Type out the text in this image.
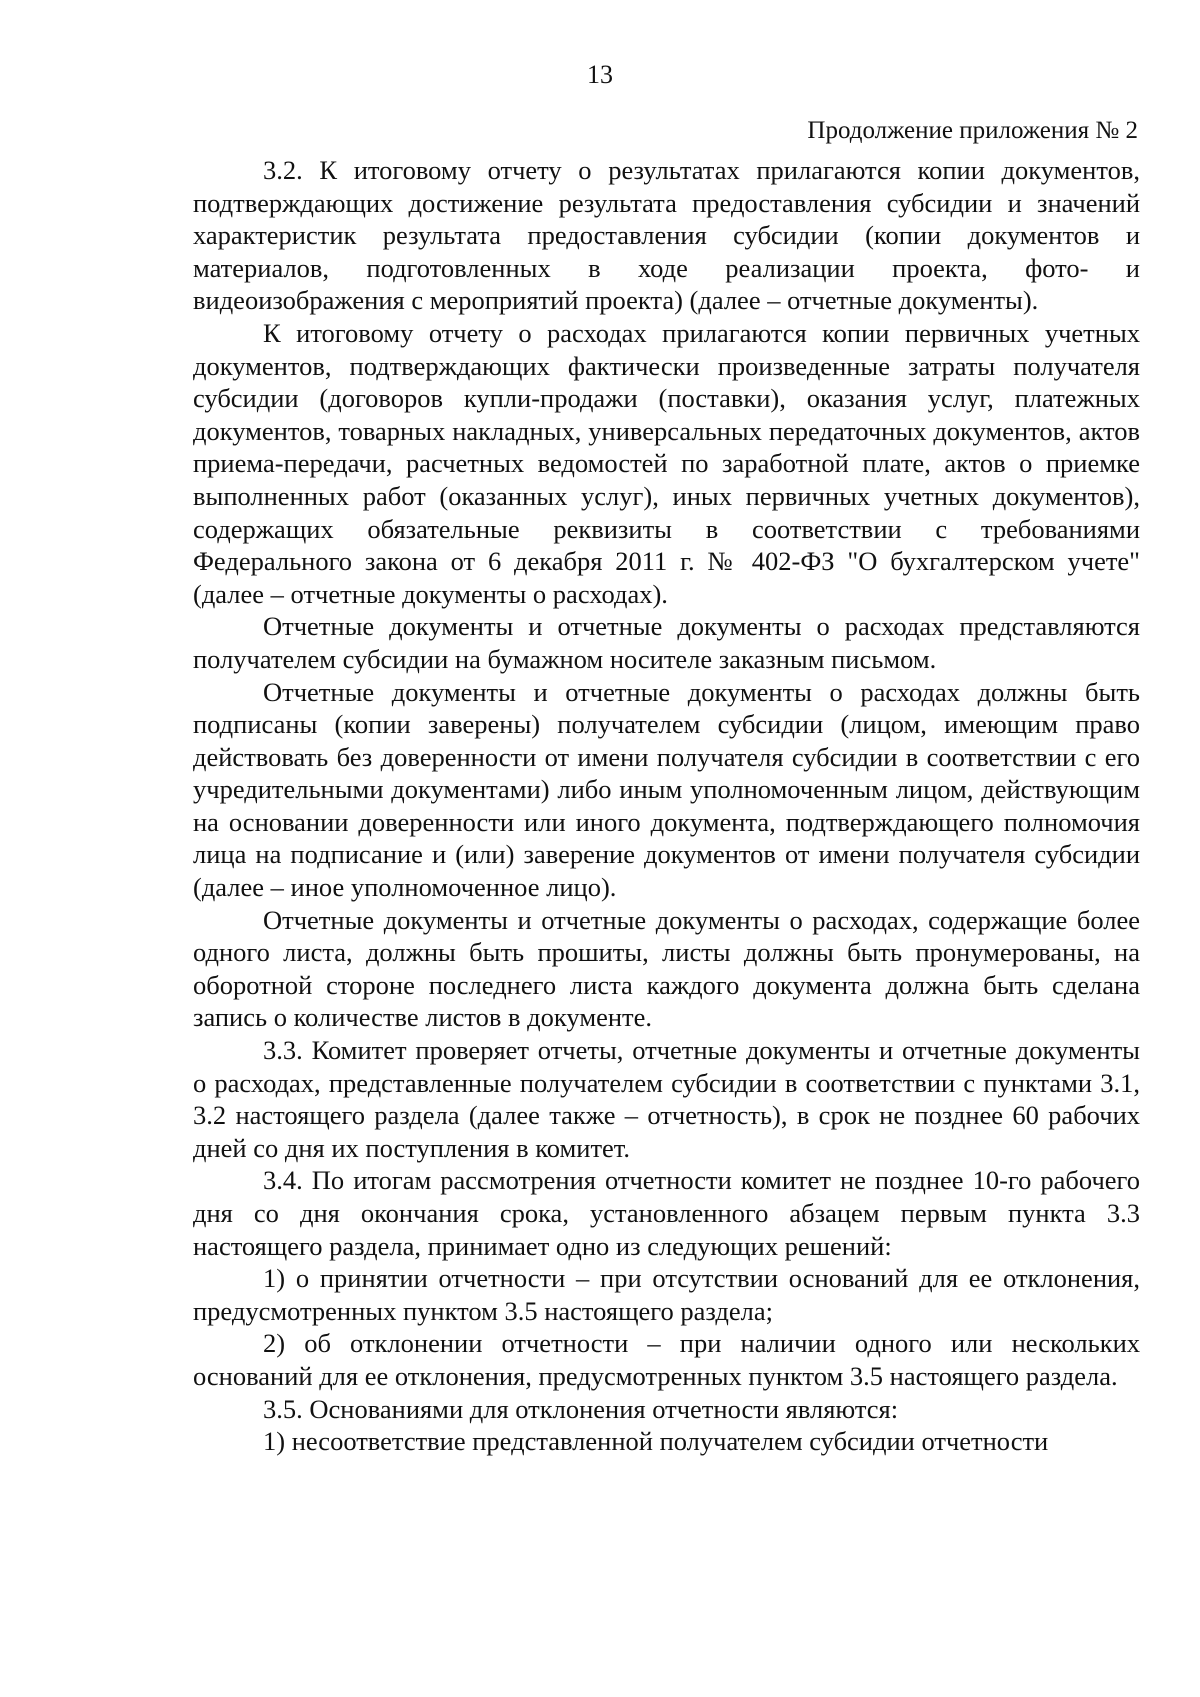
13
Продолжение приложения № 2

3.2. К итоговому отчету о результатах прилагаются копии документов, подтверждающих достижение результата предоставления субсидии и значений характеристик результата предоставления субсидии (копии документов и материалов, подготовленных в ходе реализации проекта, фото- и видеоизображения с мероприятий проекта) (далее – отчетные документы).

К итоговому отчету о расходах прилагаются копии первичных учетных документов, подтверждающих фактически произведенные затраты получателя субсидии (договоров купли-продажи (поставки), оказания услуг, платежных документов, товарных накладных, универсальных передаточных документов, актов приема-передачи, расчетных ведомостей по заработной плате, актов о приемке выполненных работ (оказанных услуг), иных первичных учетных документов), содержащих обязательные реквизиты в соответствии с требованиями Федерального закона от 6 декабря 2011 г. № 402-ФЗ "О бухгалтерском учете" (далее – отчетные документы о расходах).

Отчетные документы и отчетные документы о расходах представляются получателем субсидии на бумажном носителе заказным письмом.

Отчетные документы и отчетные документы о расходах должны быть подписаны (копии заверены) получателем субсидии (лицом, имеющим право действовать без доверенности от имени получателя субсидии в соответствии с его учредительными документами) либо иным уполномоченным лицом, действующим на основании доверенности или иного документа, подтверждающего полномочия лица на подписание и (или) заверение документов от имени получателя субсидии (далее – иное уполномоченное лицо).

Отчетные документы и отчетные документы о расходах, содержащие более одного листа, должны быть прошиты, листы должны быть пронумерованы, на оборотной стороне последнего листа каждого документа должна быть сделана запись о количестве листов в документе.

3.3. Комитет проверяет отчеты, отчетные документы и отчетные документы о расходах, представленные получателем субсидии в соответствии с пунктами 3.1, 3.2 настоящего раздела (далее также – отчетность), в срок не позднее 60 рабочих дней со дня их поступления в комитет.

3.4. По итогам рассмотрения отчетности комитет не позднее 10-го рабочего дня со дня окончания срока, установленного абзацем первым пункта 3.3 настоящего раздела, принимает одно из следующих решений:

1) о принятии отчетности – при отсутствии оснований для ее отклонения, предусмотренных пунктом 3.5 настоящего раздела;

2) об отклонении отчетности – при наличии одного или нескольких оснований для ее отклонения, предусмотренных пунктом 3.5 настоящего раздела.

3.5. Основаниями для отклонения отчетности являются:

1) несоответствие представленной получателем субсидии отчетности
